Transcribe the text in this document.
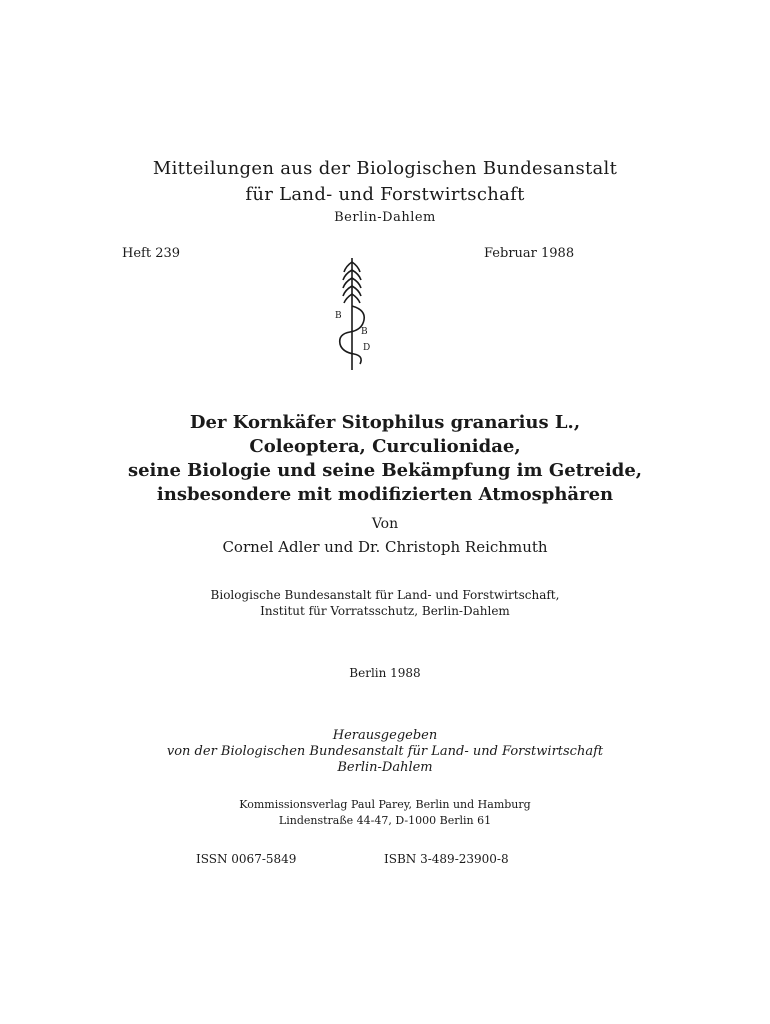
Mitteilungen aus der Biologischen Bundesanstalt
für Land- und Forstwirtschaft
Berlin-Dahlem
Heft 239	Februar 1988
B
B
D
Der Kornkäfer Sitophilus granarius L.,
Coleoptera, Curculionidae,
seine Biologie und seine Bekämpfung im Getreide,
insbesondere mit modifizierten Atmosphären
Von
Cornel Adler und Dr. Christoph Reichmuth
Biologische Bundesanstalt für Land- und Forstwirtschaft,
Institut für Vorratsschutz, Berlin-Dahlem
Berlin 1988
Herausgegeben
von der Biologischen Bundesanstalt für Land- und Forstwirtschaft
Berlin-Dahlem
Kommissionsverlag Paul Parey, Berlin und Hamburg
Lindenstraße 44-47, D-1000 Berlin 61
ISSN 0067-5849	ISBN 3-489-23900-8
